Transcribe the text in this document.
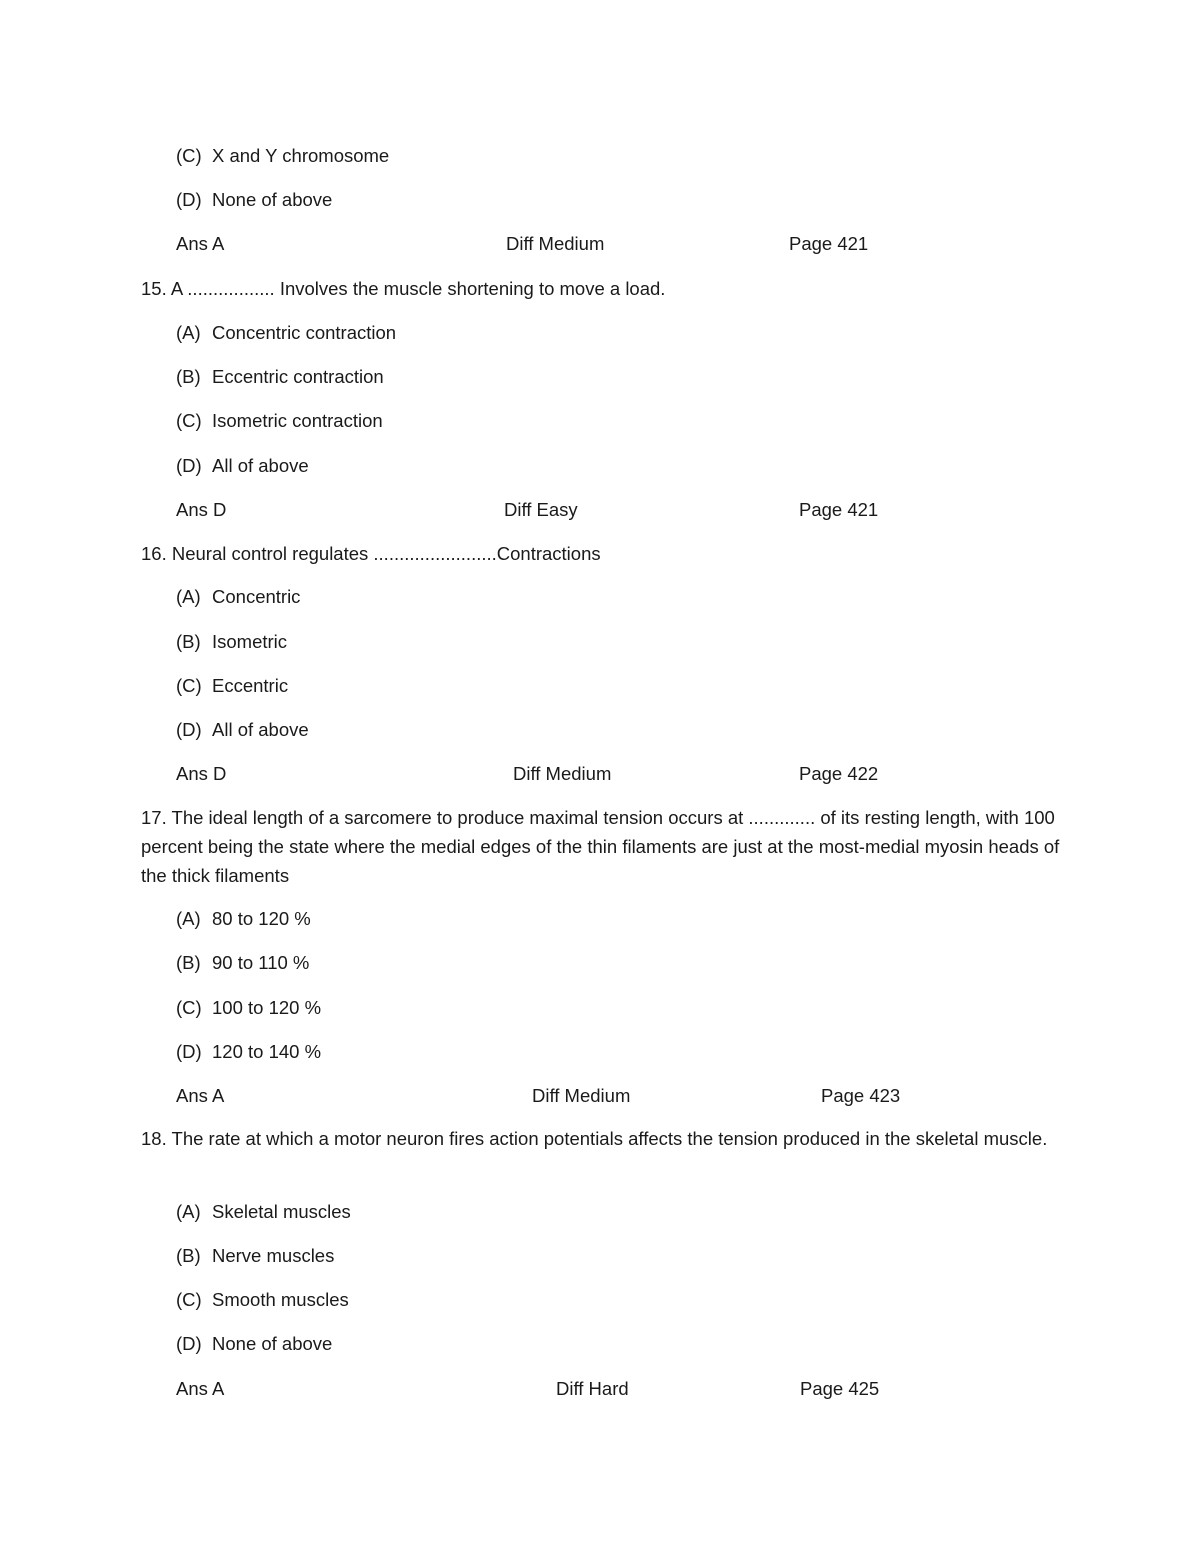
(C) X and Y chromosome

(D) None of above

Ans A	Diff Medium	Page 421

15. A ................. Involves the muscle shortening to move a load.

(A) Concentric contraction

(B) Eccentric contraction

(C) Isometric contraction

(D) All of above

Ans D	Diff Easy	Page 421

16. Neural control regulates ........................Contractions

(A) Concentric

(B) Isometric

(C) Eccentric

(D) All of above

Ans D	Diff Medium	Page 422

17. The ideal length of a sarcomere to produce maximal tension occurs at ............. of its resting length, with 100 percent being the state where the medial edges of the thin filaments are just at the most-medial myosin heads of the thick filaments

(A) 80 to 120 %

(B) 90 to 110 %

(C) 100 to 120 %

(D) 120 to 140 %

Ans A	Diff Medium	Page 423

18. The rate at which a motor neuron fires action potentials affects the tension produced in the skeletal muscle.

(A) Skeletal muscles

(B) Nerve muscles

(C) Smooth muscles

(D) None of above

Ans A	Diff Hard	Page 425
